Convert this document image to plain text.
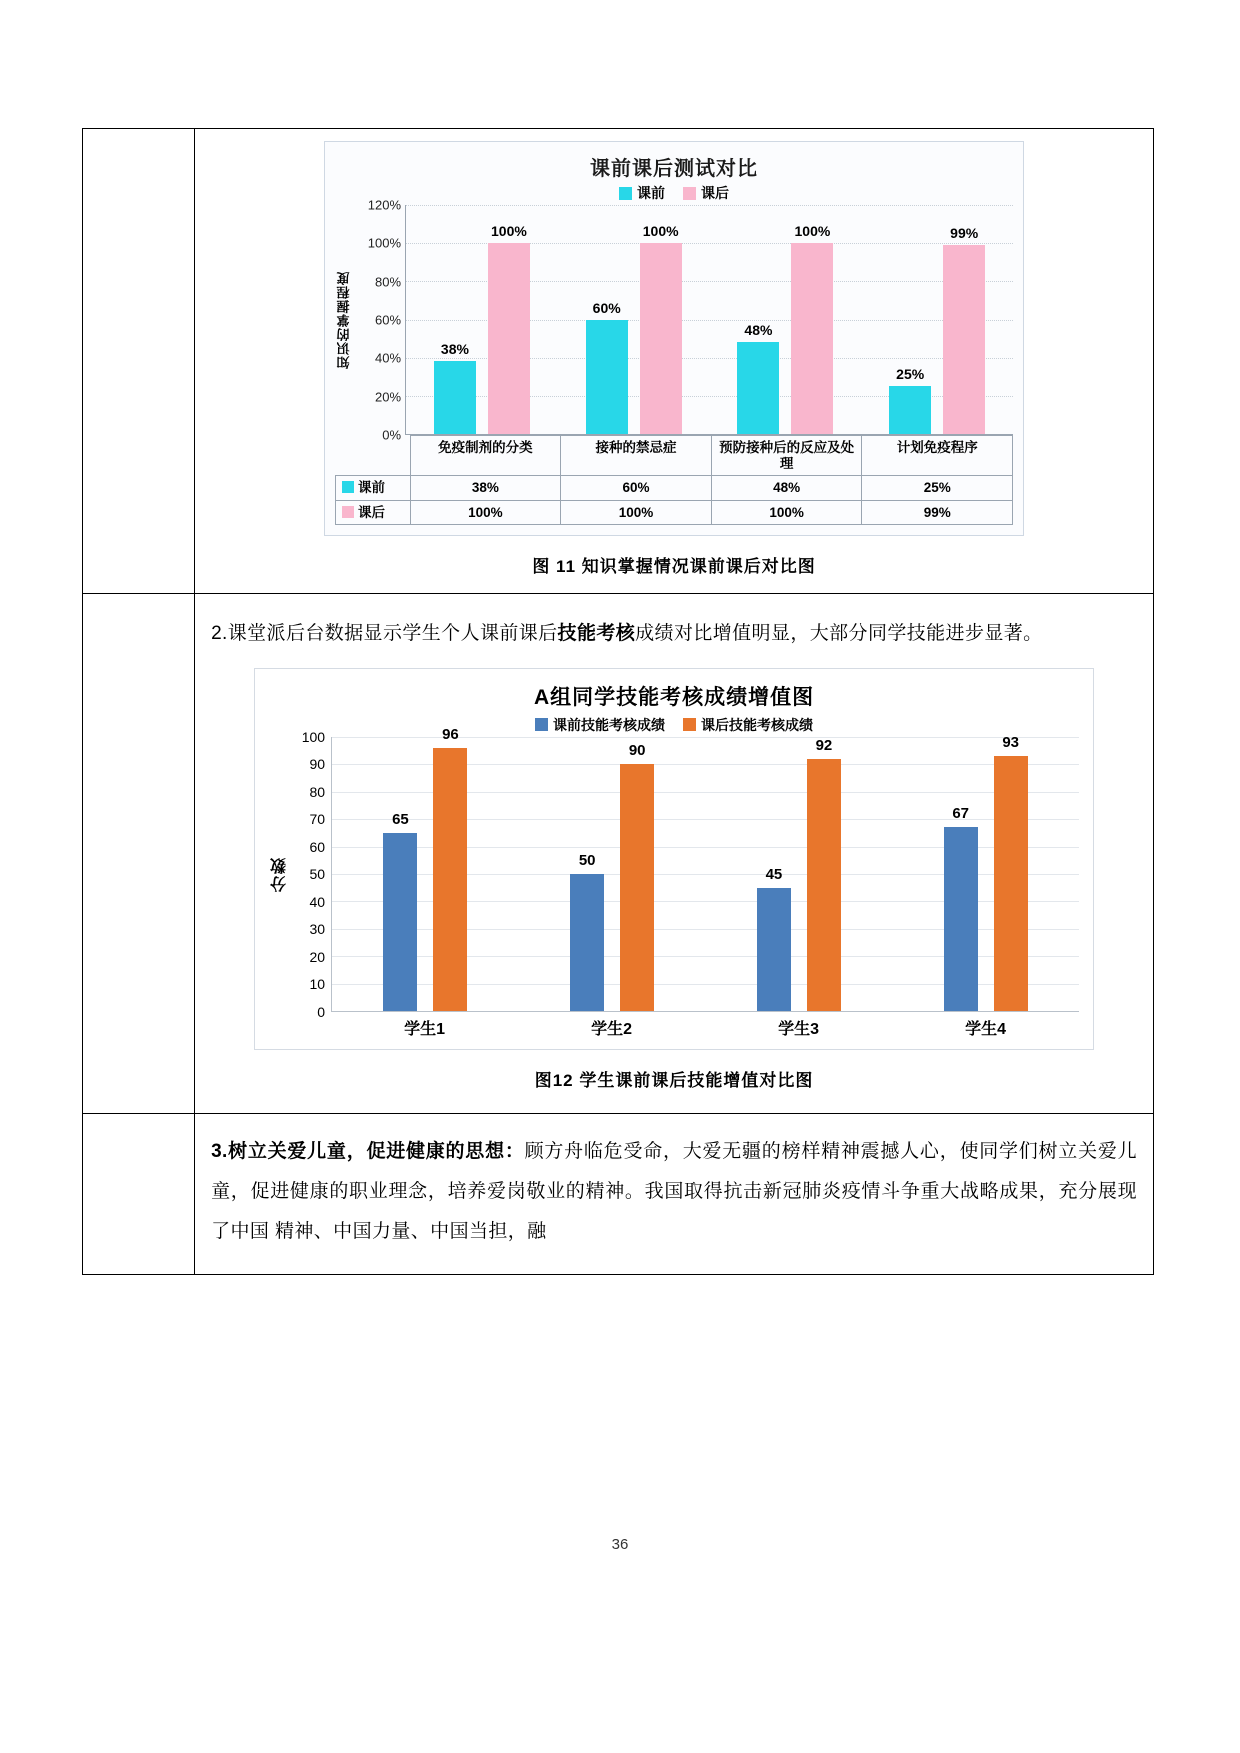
课前课后测试对比
课前	课后
知识的掌握程度
120%
100%
80%
60%
40%
20%
0%
38%
100%
60%
100%
48%
100%
25%
99%
	免疫制剂的分类	接种的禁忌症	预防接种后的反应及处理	计划免疫程序
课前	38%	60%	48%	25%
课后	100%	100%	100%	99%
图 11 知识掌握情况课前课后对比图

2.课堂派后台数据显示学生个人课前课后技能考核成绩对比增值明显，大部分同学技能进步显著。

A组同学技能考核成绩增值图
课前技能考核成绩	课后技能考核成绩
分数
100
90
80
70
60
50
40
30
20
10
0
65
96
50
90
45
92
67
93
学生1	学生2	学生3	学生4
图12 学生课前课后技能增值对比图

3.树立关爱儿童，促进健康的思想：顾方舟临危受命，大爱无疆的榜样精神震撼人心，使同学们树立关爱儿童，促进健康的职业理念，培养爱岗敬业的精神。我国取得抗击新冠肺炎疫情斗争重大战略成果，充分展现了中国 精神、中国力量、中国当担，融

36
